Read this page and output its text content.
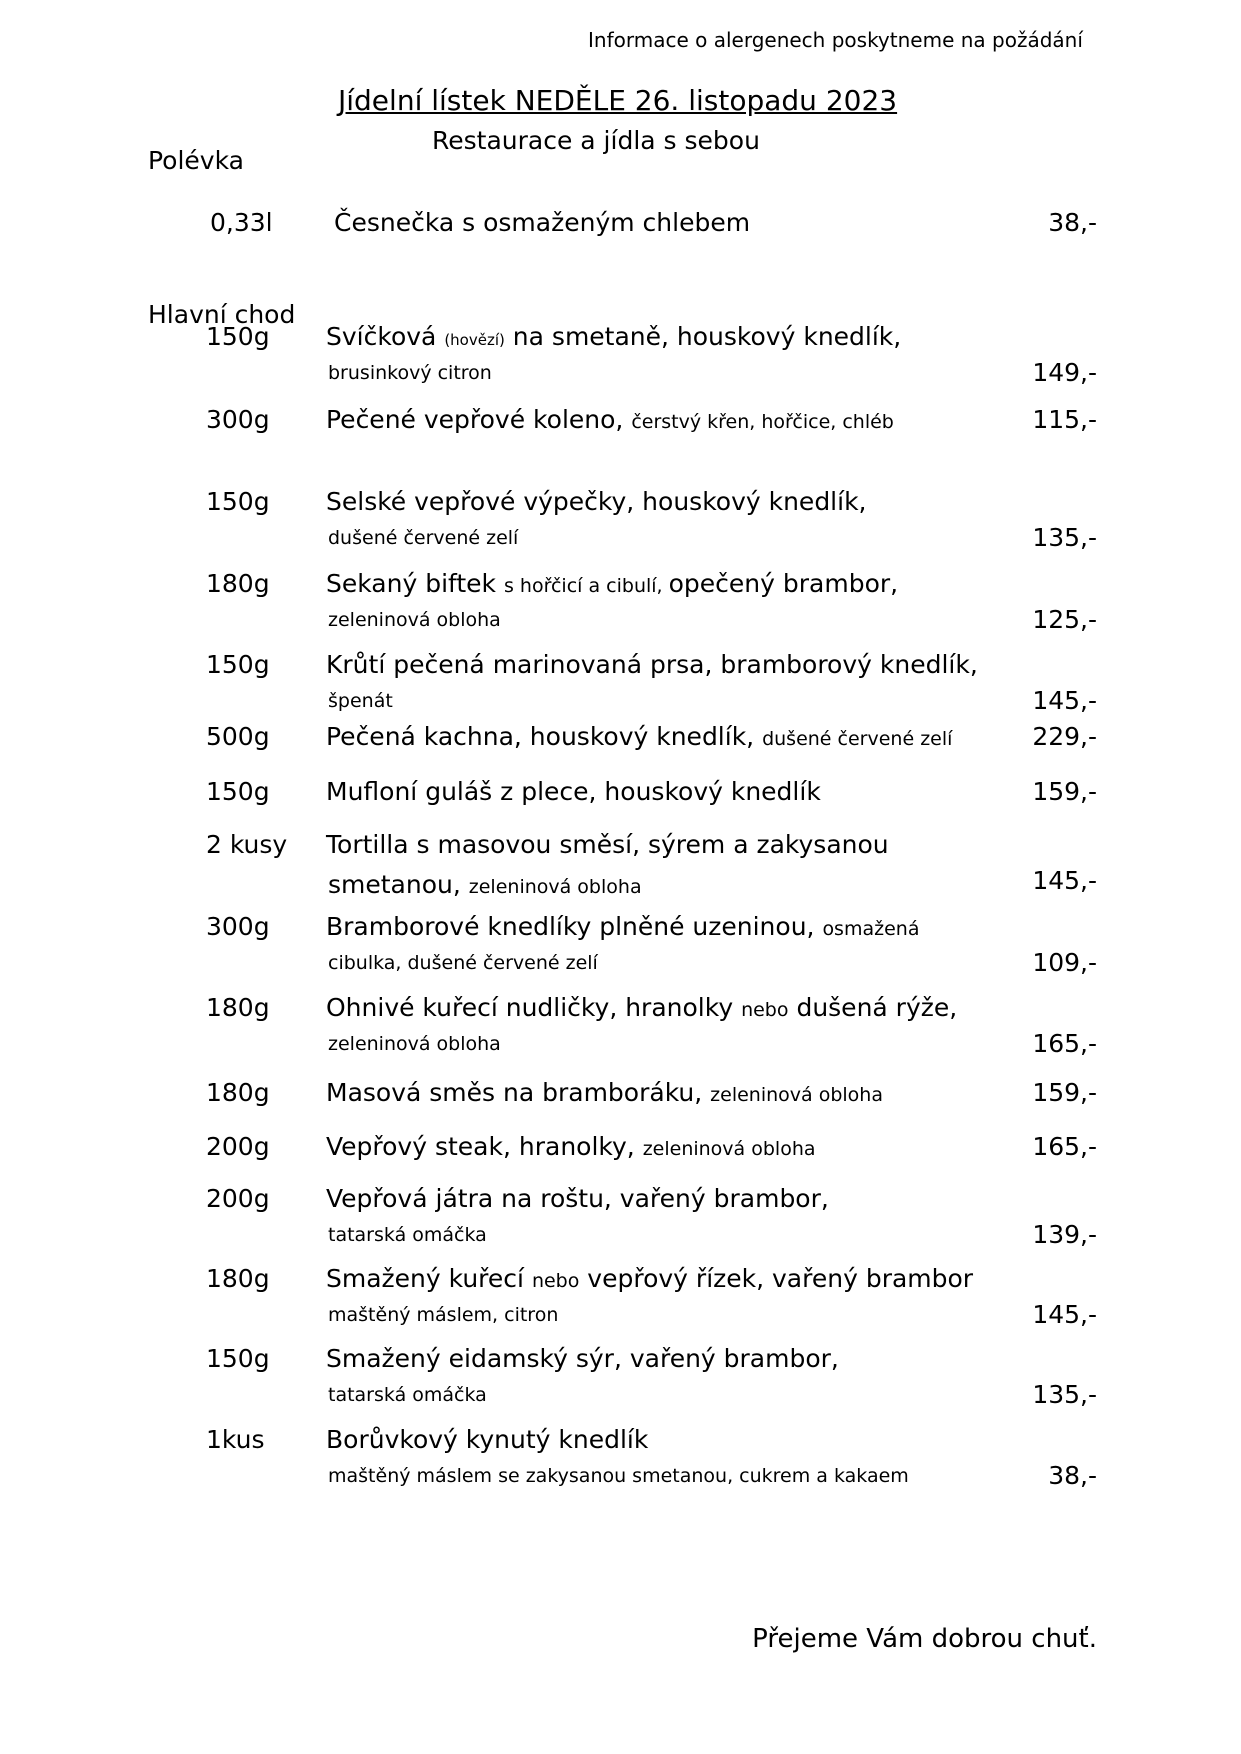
Informace o alergenech poskytneme na požádání
Jídelní lístek NEDĚLE 26. listopadu 2023
Restaurace a jídla s sebou
Polévka
0,33l Česnečka s osmaženým chlebem	38,-
Hlavní chod
150g Svíčková (hovězí) na smetaně, houskový knedlík,
brusinkový citron	149,-
300g Pečené vepřové koleno, čerstvý křen, hořčice, chléb	115,-
150g Selské vepřové výpečky, houskový knedlík,
dušené červené zelí	135,-
180g Sekaný biftek s hořčicí a cibulí, opečený brambor,
zeleninová obloha	125,-
150g Krůtí pečená marinovaná prsa, bramborový knedlík,
špenát	145,-
500g Pečená kachna, houskový knedlík, dušené červené zelí	229,-
150g Mufloní guláš z plece, houskový knedlík	159,-
2 kusy Tortilla s masovou směsí, sýrem a zakysanou
smetanou, zeleninová obloha	145,-
300g Bramborové knedlíky plněné uzeninou, osmažená
cibulka, dušené červené zelí	109,-
180g Ohnivé kuřecí nudličky, hranolky nebo dušená rýže,
zeleninová obloha	165,-
180g Masová směs na bramboráku, zeleninová obloha	159,-
200g Vepřový steak, hranolky, zeleninová obloha	165,-
200g Vepřová játra na roštu, vařený brambor,
tatarská omáčka	139,-
180g Smažený kuřecí nebo vepřový řízek, vařený brambor
maštěný máslem, citron	145,-
150g Smažený eidamský sýr, vařený brambor,
tatarská omáčka	135,-
1kus Borůvkový kynutý knedlík
maštěný máslem se zakysanou smetanou, cukrem a kakaem	38,-
Přejeme Vám dobrou chuť.
